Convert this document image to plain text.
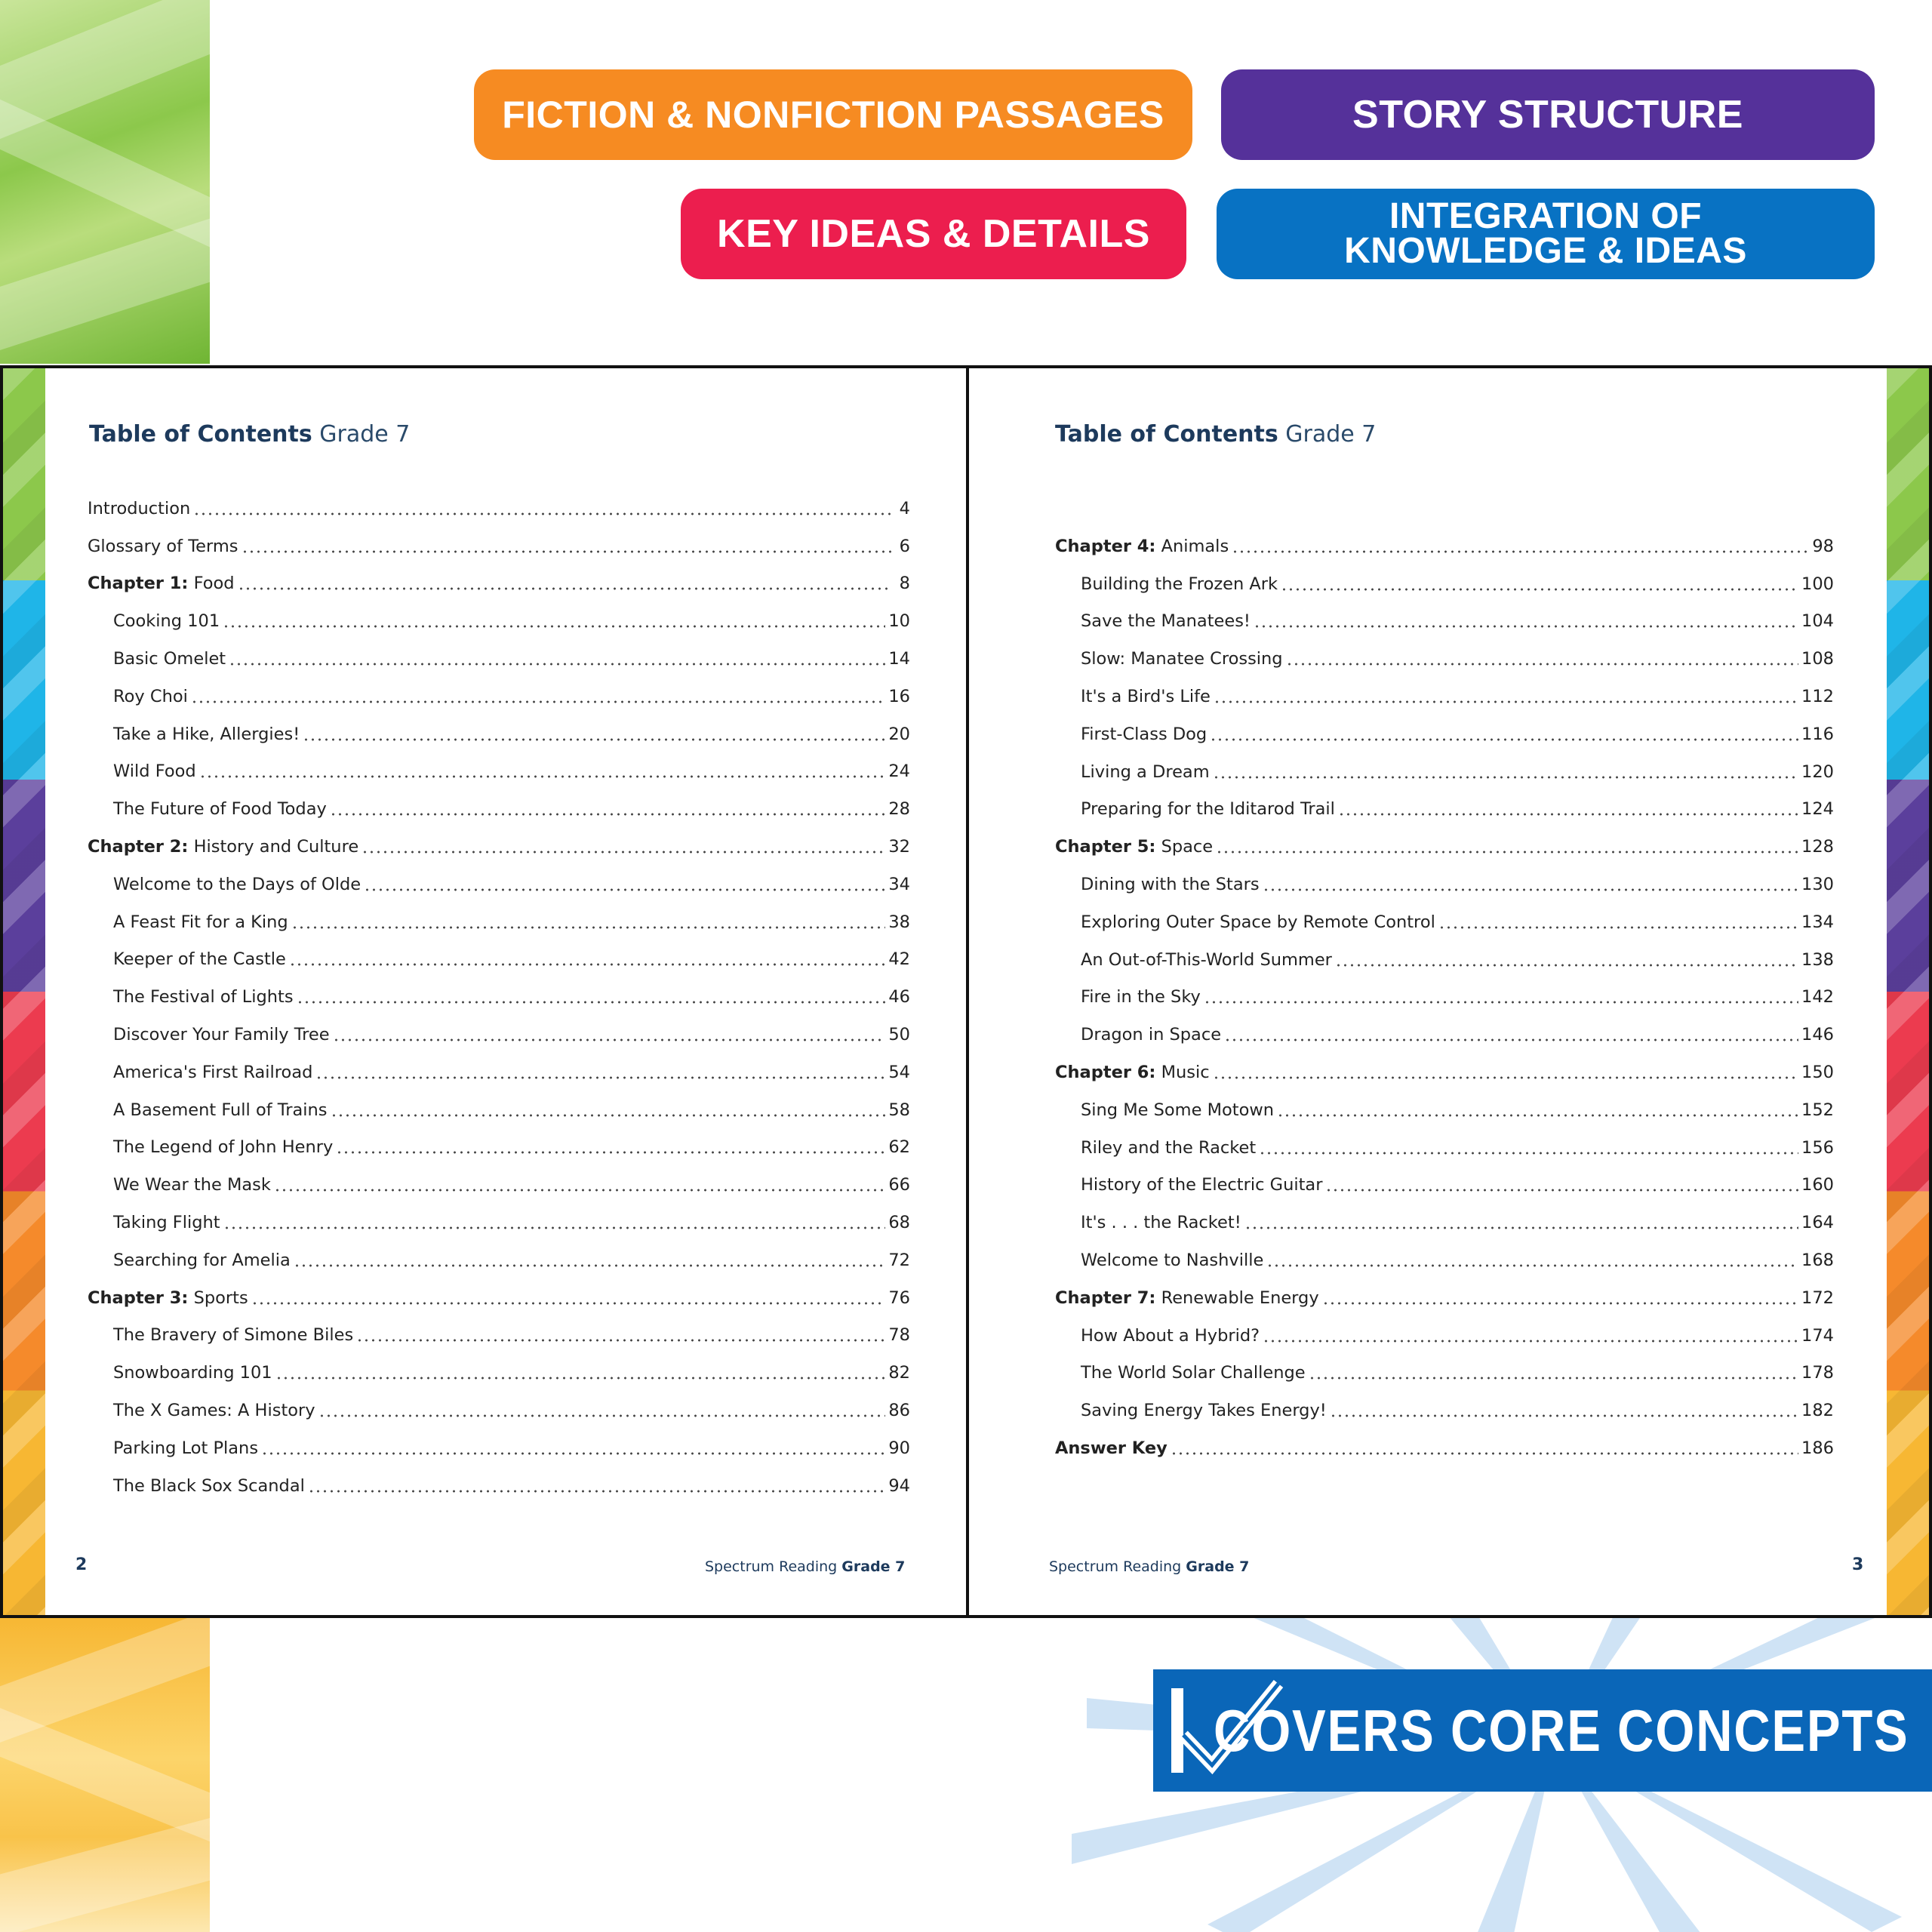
FICTION & NONFICTION PASSAGES	STORY STRUCTURE
KEY IDEAS & DETAILS	INTEGRATION OF
KNOWLEDGE & IDEAS
Table of Contents Grade 7
Introduction	4
Glossary of Terms	6
Chapter 1: Food	8
Cooking 101	10
Basic Omelet	14
Roy Choi	16
Take a Hike, Allergies!	20
Wild Food	24
The Future of Food Today	28
Chapter 2: History and Culture	32
Welcome to the Days of Olde	34
A Feast Fit for a King	38
Keeper of the Castle	42
The Festival of Lights	46
Discover Your Family Tree	50
America's First Railroad	54
A Basement Full of Trains	58
The Legend of John Henry	62
We Wear the Mask	66
Taking Flight	68
Searching for Amelia	72
Chapter 3: Sports	76
The Bravery of Simone Biles	78
Snowboarding 101	82
The X Games: A History	86
Parking Lot Plans	90
The Black Sox Scandal	94
2	Spectrum Reading Grade 7
Table of Contents Grade 7
Chapter 4: Animals	98
Building the Frozen Ark	100
Save the Manatees!	104
Slow: Manatee Crossing	108
It's a Bird's Life	112
First-Class Dog	116
Living a Dream	120
Preparing for the Iditarod Trail	124
Chapter 5: Space	128
Dining with the Stars	130
Exploring Outer Space by Remote Control	134
An Out-of-This-World Summer	138
Fire in the Sky	142
Dragon in Space	146
Chapter 6: Music	150
Sing Me Some Motown	152
Riley and the Racket	156
History of the Electric Guitar	160
It's . . . the Racket!	164
Welcome to Nashville	168
Chapter 7: Renewable Energy	172
How About a Hybrid?	174
The World Solar Challenge	178
Saving Energy Takes Energy!	182
Answer Key	186
Spectrum Reading Grade 7	3
COVERS CORE CONCEPTS
